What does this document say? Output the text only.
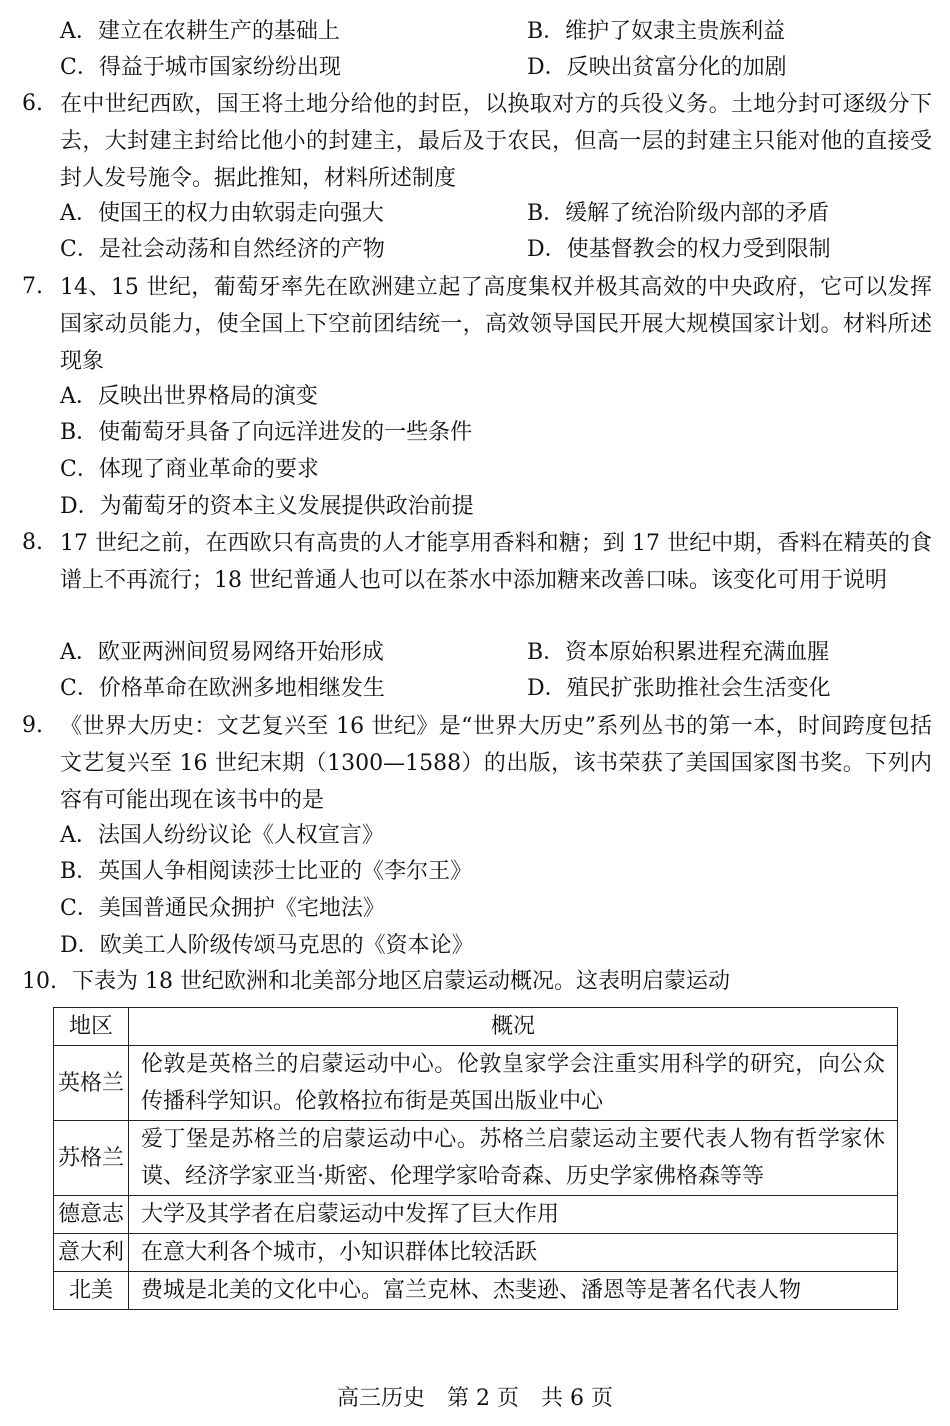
A．建立在农耕生产的基础上	B．维护了奴隶主贵族利益
C．得益于城市国家纷纷出现	D．反映出贫富分化的加剧
6. 在中世纪西欧，国王将土地分给他的封臣，以换取对方的兵役义务。土地分封可逐级分下去，大封建主封给比他小的封建主，最后及于农民，但高一层的封建主只能对他的直接受封人发号施令。据此推知，材料所述制度
A．使国王的权力由软弱走向强大	B．缓解了统治阶级内部的矛盾
C．是社会动荡和自然经济的产物	D．使基督教会的权力受到限制
7. 14、15 世纪，葡萄牙率先在欧洲建立起了高度集权并极其高效的中央政府，它可以发挥国家动员能力，使全国上下空前团结统一，高效领导国民开展大规模国家计划。材料所述现象
A．反映出世界格局的演变
B．使葡萄牙具备了向远洋进发的一些条件
C．体现了商业革命的要求
D．为葡萄牙的资本主义发展提供政治前提
8. 17 世纪之前，在西欧只有高贵的人才能享用香料和糖；到 17 世纪中期，香料在精英的食谱上不再流行；18 世纪普通人也可以在茶水中添加糖来改善口味。该变化可用于说明
A．欧亚两洲间贸易网络开始形成	B．资本原始积累进程充满血腥
C．价格革命在欧洲多地相继发生	D．殖民扩张助推社会生活变化
9. 《世界大历史：文艺复兴至 16 世纪》是“世界大历史”系列丛书的第一本，时间跨度包括文艺复兴至 16 世纪末期（1300—1588）的出版，该书荣获了美国国家图书奖。下列内容有可能出现在该书中的是
A．法国人纷纷议论《人权宣言》
B．英国人争相阅读莎士比亚的《李尔王》
C．美国普通民众拥护《宅地法》
D．欧美工人阶级传颂马克思的《资本论》
10. 下表为 18 世纪欧洲和北美部分地区启蒙运动概况。这表明启蒙运动
地区	概况
英格兰	伦敦是英格兰的启蒙运动中心。伦敦皇家学会注重实用科学的研究，向公众传播科学知识。伦敦格拉布街是英国出版业中心
苏格兰	爱丁堡是苏格兰的启蒙运动中心。苏格兰启蒙运动主要代表人物有哲学家休谟、经济学家亚当·斯密、伦理学家哈奇森、历史学家佛格森等等
德意志	大学及其学者在启蒙运动中发挥了巨大作用
意大利	在意大利各个城市，小知识群体比较活跃
北美	费城是北美的文化中心。富兰克林、杰斐逊、潘恩等是著名代表人物
高三历史　第 2 页　共 6 页
